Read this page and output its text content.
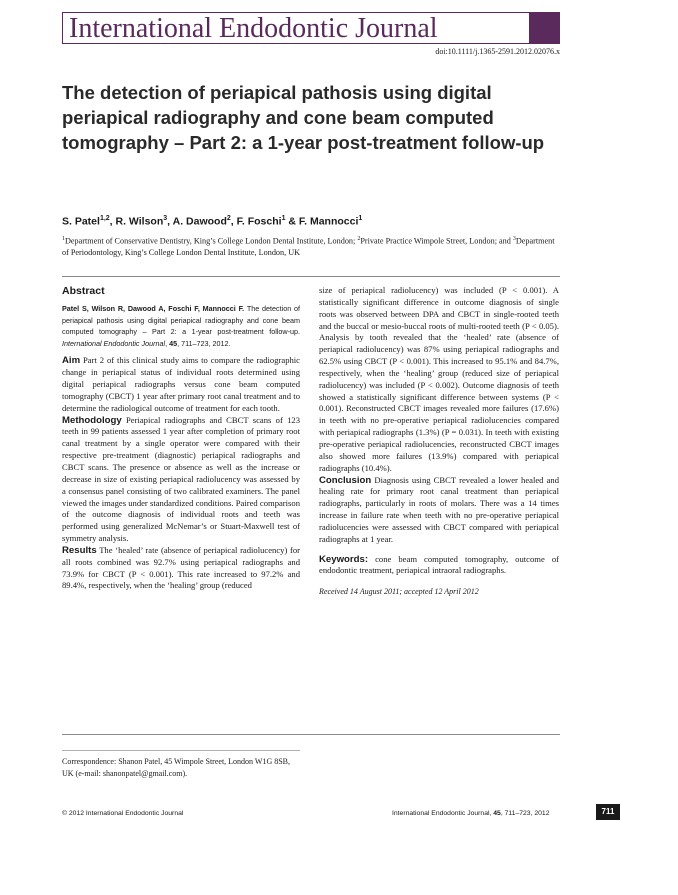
International Endodontic Journal
doi:10.1111/j.1365-2591.2012.02076.x
The detection of periapical pathosis using digital periapical radiography and cone beam computed tomography – Part 2: a 1-year post-treatment follow-up
S. Patel$^{1,2}$, R. Wilson$^3$, A. Dawood$^2$, F. Foschi$^1$ & F. Mannocci$^1$
$^1$Department of Conservative Dentistry, King’s College London Dental Institute, London; $^2$Private Practice Wimpole Street, London; and $^3$Department of Periodontology, King’s College London Dental Institute, London, UK
Abstract
Patel S, Wilson R, Dawood A, Foschi F, Mannocci F. The detection of periapical pathosis using digital periapical radiography and cone beam computed tomography – Part 2: a 1-year post-treatment follow-up. International Endodontic Journal, 45, 711–723, 2012.

Aim Part 2 of this clinical study aims to compare the radiographic change in periapical status of individual roots determined using digital periapical radiographs versus cone beam computed tomography (CBCT) 1 year after primary root canal treatment and to determine the radiological outcome of treatment for each tooth.

Methodology Periapical radiographs and CBCT scans of 123 teeth in 99 patients assessed 1 year after completion of primary root canal treatment by a single operator were compared with their respective pre-treatment (diagnostic) periapical radiographs and CBCT scans. The presence or absence as well as the increase or decrease in size of existing periapical radiolucency was assessed by a consensus panel consisting of two calibrated examiners. The panel viewed the images under standardized conditions. Paired comparison of the outcome diagnosis of individual roots and teeth was performed using generalized McNemar’s or Stuart-Maxwell test of symmetry analysis.

Results The ‘healed’ rate (absence of periapical radiolucency) for all roots combined was 92.7% using periapical radiographs and 73.9% for CBCT (P < 0.001). This rate increased to 97.2% and 89.4%, respectively, when the ‘healing’ group (reduced

size of periapical radiolucency) was included (P < 0.001). A statistically significant difference in outcome diagnosis of single roots was observed between DPA and CBCT in single-rooted teeth and the buccal or mesio-buccal roots of multi-rooted teeth (P < 0.05). Analysis by tooth revealed that the ‘healed’ rate (absence of periapical radiolucency) was 87% using periapical radiographs and 62.5% using CBCT (P < 0.001). This increased to 95.1% and 84.7%, respectively, when the ‘healing’ group (reduced size of periapical radiolucency) was included (P < 0.002). Outcome diagnosis of teeth showed a statistically significant difference between systems (P < 0.001). Reconstructed CBCT images revealed more failures (17.6%) in teeth with no pre-operative periapical radiolucencies compared with periapical radiographs (1.3%) (P = 0.031). In teeth with existing pre-operative periapical radiolucencies, reconstructed CBCT images also showed more failures (13.9%) compared with periapical radiographs (10.4%).

Conclusion Diagnosis using CBCT revealed a lower healed and healing rate for primary root canal treatment than periapical radiographs, particularly in roots of molars. There was a 14 times increase in failure rate when teeth with no pre-operative periapical radiolucencies were assessed with CBCT compared with periapical radiographs at 1 year.

Keywords: cone beam computed tomography, outcome of endodontic treatment, periapical intraoral radiographs.

Received 14 August 2011; accepted 12 April 2012
Correspondence: Shanon Patel, 45 Wimpole Street, London W1G 8SB, UK (e-mail: shanonpatel@gmail.com).
© 2012 International Endodontic Journal	International Endodontic Journal, 45, 711–723, 2012	711
